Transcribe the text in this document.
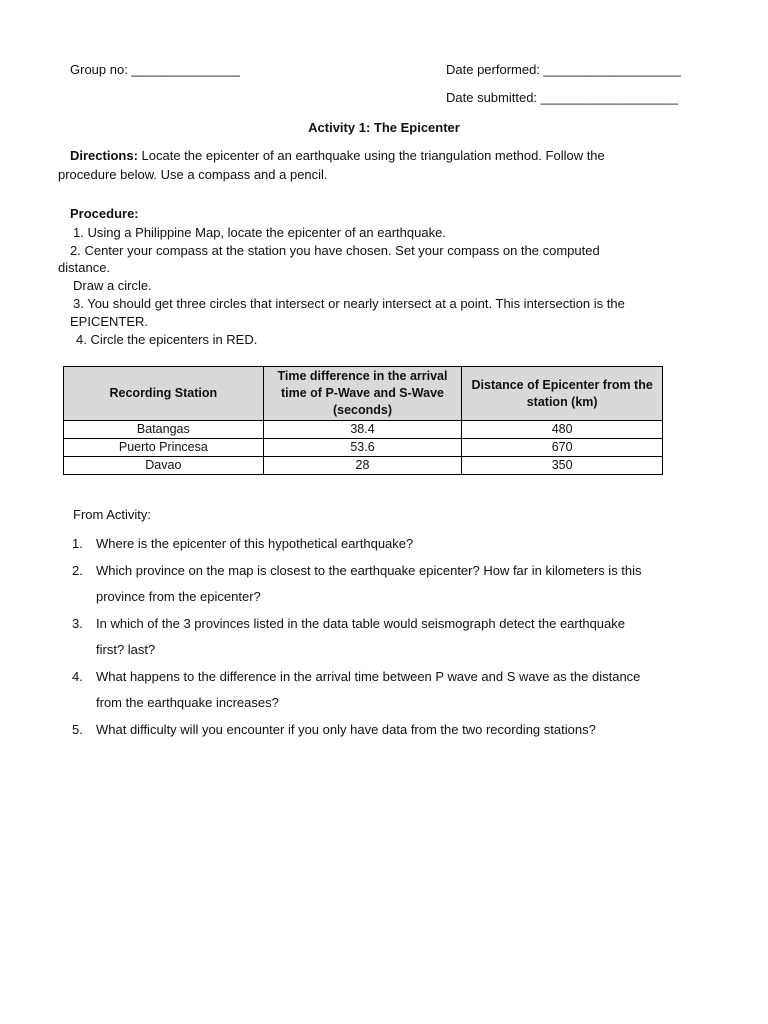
Group no: _______________	Date performed: ___________________
Date submitted: ___________________
Activity 1: The Epicenter
Directions: Locate the epicenter of an earthquake using the triangulation method. Follow the
procedure below. Use a compass and a pencil.
Procedure:
1. Using a Philippine Map, locate the epicenter of an earthquake.
2. Center your compass at the station you have chosen. Set your compass on the computed
distance.
Draw a circle.
3. You should get three circles that intersect or nearly intersect at a point. This intersection is the
EPICENTER.
4. Circle the epicenters in RED.
Recording Station	Time difference in the arrival time of P-Wave and S-Wave (seconds)	Distance of Epicenter from the station (km)
Batangas	38.4	480
Puerto Princesa	53.6	670
Davao	28	350
From Activity:
1. Where is the epicenter of this hypothetical earthquake?
2. Which province on the map is closest to the earthquake epicenter? How far in kilometers is this
province from the epicenter?
3. In which of the 3 provinces listed in the data table would seismograph detect the earthquake
first? last?
4. What happens to the difference in the arrival time between P wave and S wave as the distance
from the earthquake increases?
5. What difficulty will you encounter if you only have data from the two recording stations?
